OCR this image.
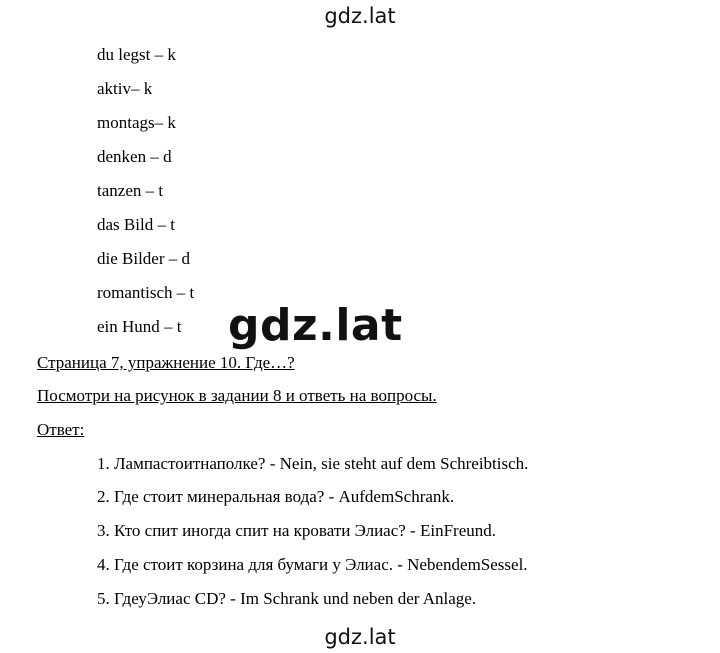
gdz.lat
du legst – k
aktiv– k
montags– k
denken – d
tanzen – t
das Bild – t
die Bilder – d
romantisch – t
ein Hund – t gdz.lat
Страница 7, упражнение 10. Где…?
Посмотри на рисунок в задании 8 и ответь на вопросы.
Ответ:
1. Лампастоитнаполке? - Nein, sie steht auf dem Schreibtisch.
2. Где стоит минеральная вода? - AufdemSchrank.
3. Кто спит иногда спит на кровати Элиас? - EinFreund.
4. Где стоит корзина для бумаги у Элиас. - NebendemSessel.
5. ГдеуЭлиас CD? - Im Schrank und neben der Anlage.
gdz.lat
